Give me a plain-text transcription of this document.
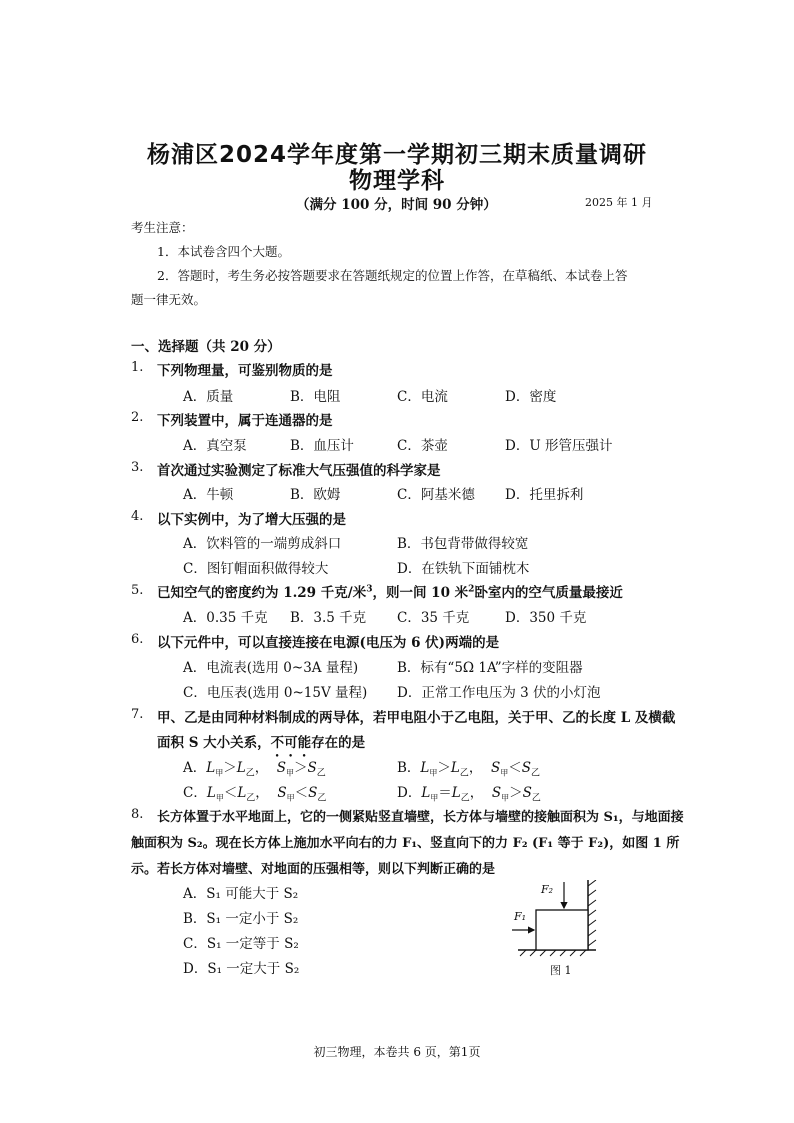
杨浦区2024学年度第一学期初三期末质量调研
物理学科
（满分 100 分，时间 90 分钟）	2025 年 1 月
考生注意：
1．本试卷含四个大题。
2．答题时，考生务必按答题要求在答题纸规定的位置上作答，在草稿纸、本试卷上答
题一律无效。
一、选择题（共 20 分）
1. 下列物理量，可鉴别物质的是
A．质量	B．电阻	C．电流	D．密度
2. 下列装置中，属于连通器的是
A．真空泵	B．血压计	C．茶壶	D．U 形管压强计
3. 首次通过实验测定了标准大气压强值的科学家是
A．牛顿	B．欧姆	C．阿基米德 D．托里拆利
4. 以下实例中，为了增大压强的是
A．饮料管的一端剪成斜口	B．书包背带做得较宽
C．图钉帽面积做得较大	D．在铁轨下面铺枕木
5. 已知空气的密度约为 1.29 千克/米$^3$，则一间 10 米$^2$卧室内的空气质量最接近
A．0.35 千克 B．3.5 千克 C．35 千克	D．350 千克
6. 以下元件中，可以直接连接在电源(电压为 6 伏)两端的是
A．电流表(选用 0~3A 量程)	B．标有“5Ω 1A”字样的变阻器
C．电压表(选用 0~15V 量程) D．正常工作电压为 3 伏的小灯泡
7. 甲、乙是由同种材料制成的两导体，若甲电阻小于乙电阻，关于甲、乙的长度 L 及横截
面积 S 大小关系，不可能存在的是
A．$L_甲>L_乙$，  $S_甲>S_乙$	B．$L_甲>L_乙$，  $S_甲<S_乙$
C．$L_甲<L_乙$，  $S_甲<S_乙$	D．$L_甲=L_乙$，  $S_甲>S_乙$
8. 长方体置于水平地面上，它的一侧紧贴竖直墙壁，长方体与墙壁的接触面积为 S₁，与地面接
触面积为 S₂。现在长方体上施加水平向右的力 F₁、竖直向下的力 F₂ (F₁ 等于 F₂)，如图 1 所
示。若长方体对墙壁、对地面的压强相等，则以下判断正确的是
A．S₁ 可能大于 S₂
B．S₁ 一定小于 S₂
C．S₁ 一定等于 S₂
D．S₁ 一定大于 S₂
F₁
F₂
图 1
初三物理，本卷共 6 页，第1页
